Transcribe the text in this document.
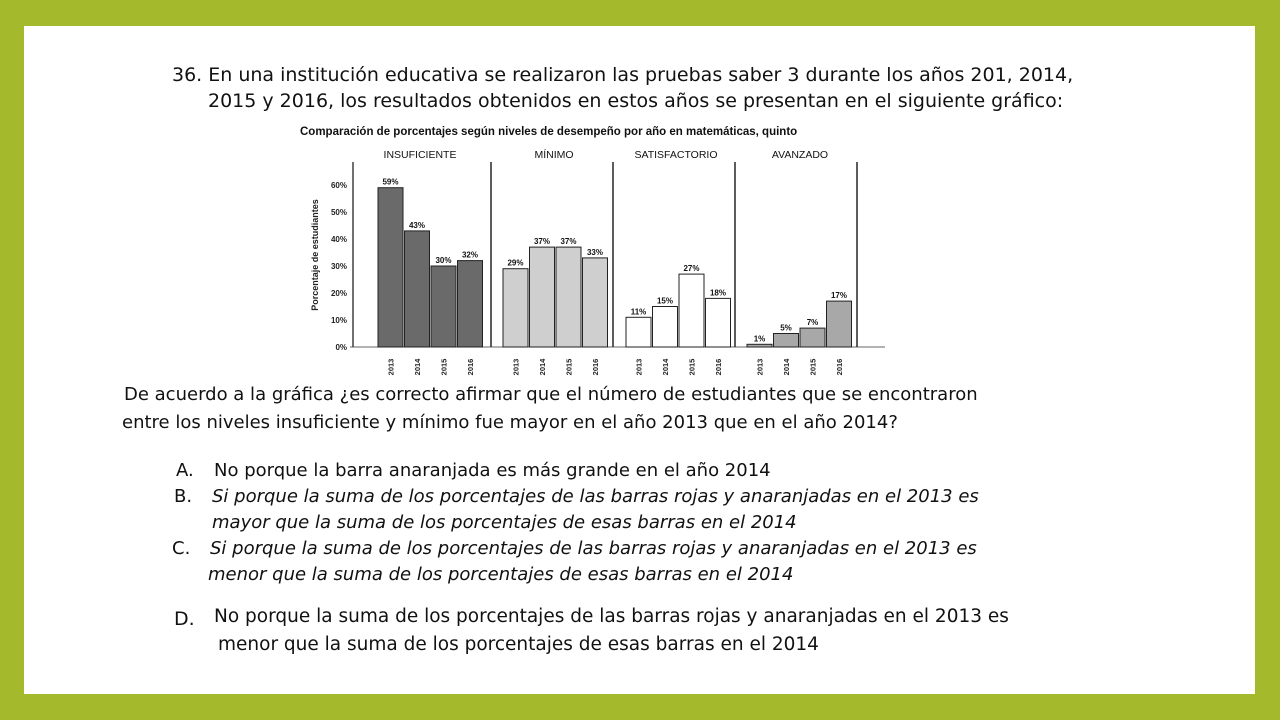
36. En una institución educativa se realizaron las pruebas saber 3 durante los años 201, 2014,
2015 y 2016, los resultados obtenidos en estos años se presentan en el siguiente gráfico:
Comparación de porcentajes según niveles de desempeño por año en matemáticas, quinto
Porcentaje de estudiantes
0%
10%
20%
30%
40%
50%
60%
INSUFICIENTE
59%
2013
43%
2014
30%
2015
32%
2016
MÍNIMO
29%
2013
37%
2014
37%
2015
33%
2016
SATISFACTORIO
11%
2013
15%
2014
27%
2015
18%
2016
AVANZADO
1%
2013
5%
2014
7%
2015
17%
2016
De acuerdo a la gráfica ¿es correcto afirmar que el número de estudiantes que se encontraron
entre los niveles insuficiente y mínimo fue mayor en el año 2013 que en el año 2014?
A. No porque la barra anaranjada es más grande en el año 2014
B. Si porque la suma de los porcentajes de las barras rojas y anaranjadas en el 2013 es
mayor que la suma de los porcentajes de esas barras en el 2014
C. Si porque la suma de los porcentajes de las barras rojas y anaranjadas en el 2013 es
menor que la suma de los porcentajes de esas barras en el 2014
D. No porque la suma de los porcentajes de las barras rojas y anaranjadas en el 2013 es
menor que la suma de los porcentajes de esas barras en el 2014
